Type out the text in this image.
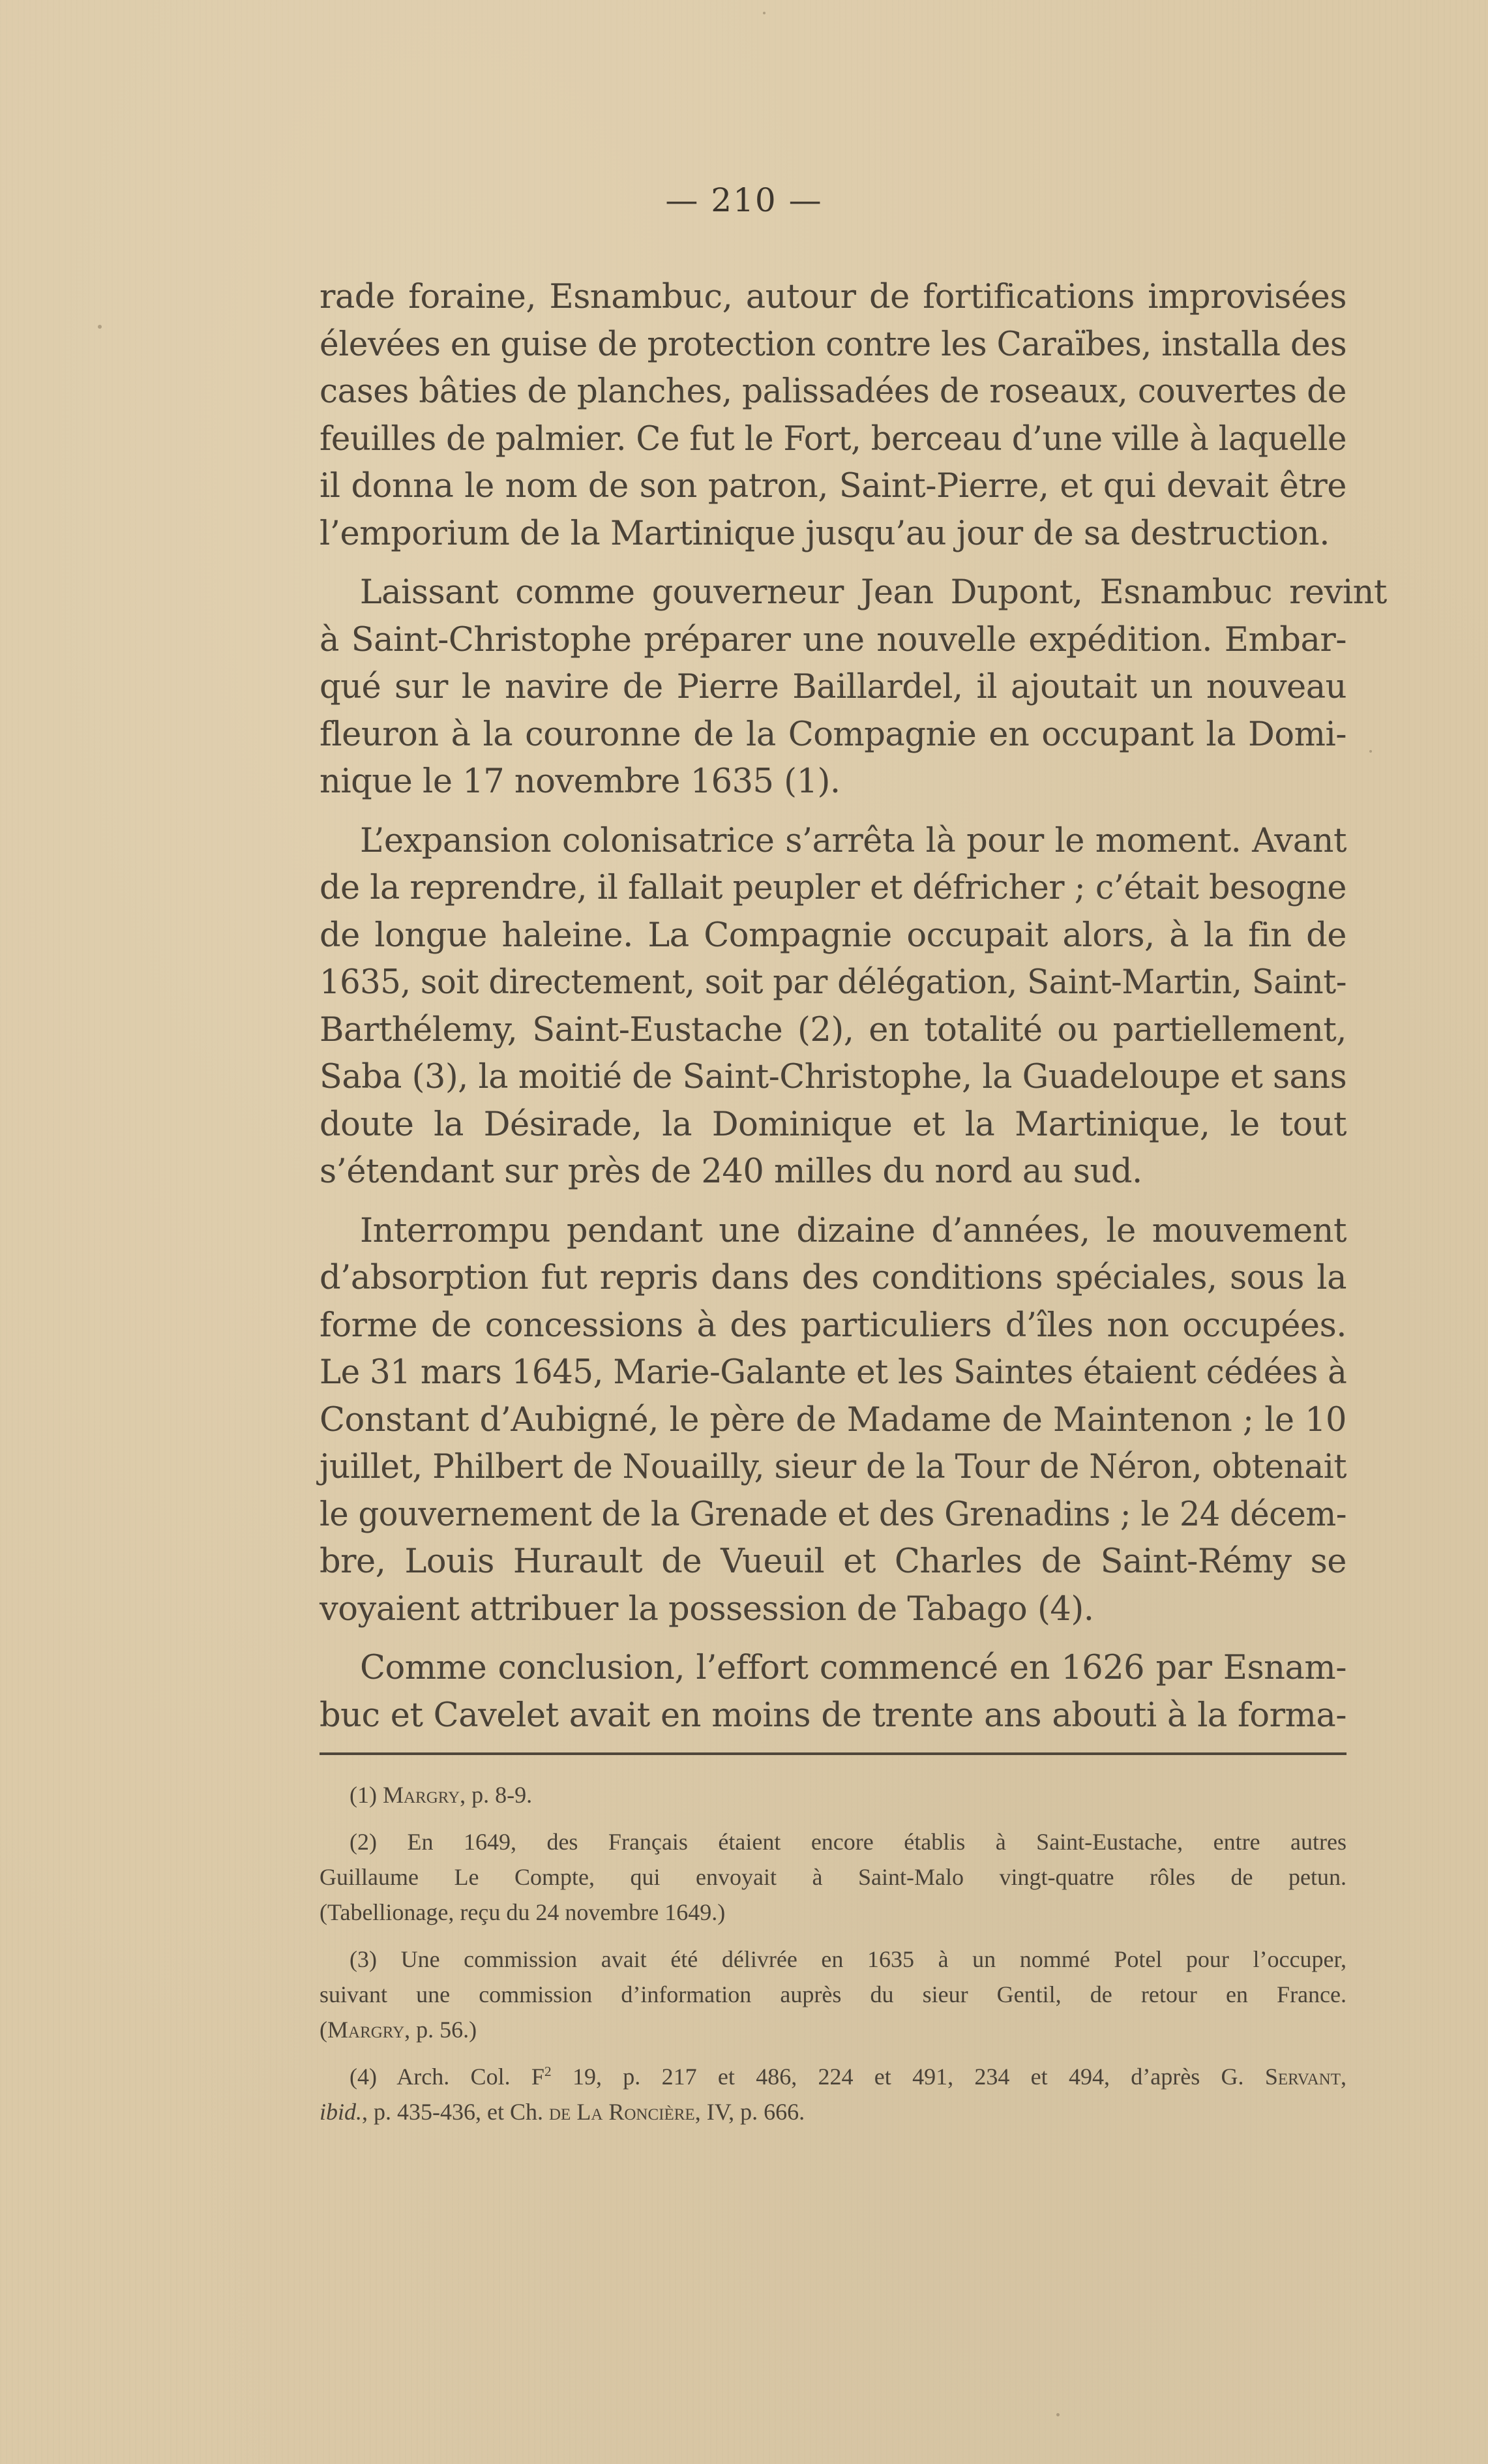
— 210 —
rade foraine, Esnambuc, autour de fortifications improvisées
élevées en guise de protection contre les Caraïbes, installa des
cases bâties de planches, palissadées de roseaux, couvertes de
feuilles de palmier. Ce fut le Fort, berceau d’une ville à laquelle
il donna le nom de son patron, Saint-Pierre, et qui devait être
l’emporium de la Martinique jusqu’au jour de sa destruction.
Laissant comme gouverneur Jean Dupont, Esnambuc revint
à Saint-Christophe préparer une nouvelle expédition. Embar-
qué sur le navire de Pierre Baillardel, il ajoutait un nouveau
fleuron à la couronne de la Compagnie en occupant la Domi-
nique le 17 novembre 1635 (1).
L’expansion colonisatrice s’arrêta là pour le moment. Avant
de la reprendre, il fallait peupler et défricher ; c’était besogne
de longue haleine. La Compagnie occupait alors, à la fin de
1635, soit directement, soit par délégation, Saint-Martin, Saint-
Barthélemy, Saint-Eustache (2), en totalité ou partiellement,
Saba (3), la moitié de Saint-Christophe, la Guadeloupe et sans
doute la Désirade, la Dominique et la Martinique, le tout
s’étendant sur près de 240 milles du nord au sud.
Interrompu pendant une dizaine d’années, le mouvement
d’absorption fut repris dans des conditions spéciales, sous la
forme de concessions à des particuliers d’îles non occupées.
Le 31 mars 1645, Marie-Galante et les Saintes étaient cédées à
Constant d’Aubigné, le père de Madame de Maintenon ; le 10
juillet, Philbert de Nouailly, sieur de la Tour de Néron, obtenait
le gouvernement de la Grenade et des Grenadins ; le 24 décem-
bre, Louis Hurault de Vueuil et Charles de Saint-Rémy se
voyaient attribuer la possession de Tabago (4).
Comme conclusion, l’effort commencé en 1626 par Esnam-
buc et Cavelet avait en moins de trente ans abouti à la forma-
(1) Margry, p. 8-9.
(2) En 1649, des Français étaient encore établis à Saint-Eustache, entre autres
Guillaume Le Compte, qui envoyait à Saint-Malo vingt-quatre rôles de petun.
(Tabellionage, reçu du 24 novembre 1649.)
(3) Une commission avait été délivrée en 1635 à un nommé Potel pour l’occuper,
suivant une commission d’information auprès du sieur Gentil, de retour en France.
(Margry, p. 56.)
(4) Arch. Col. $F^2$ 19, p. 217 et 486, 224 et 491, 234 et 494, d’après G. Servant,
ibid., p. 435-436, et Ch. de La Roncière, IV, p. 666.
